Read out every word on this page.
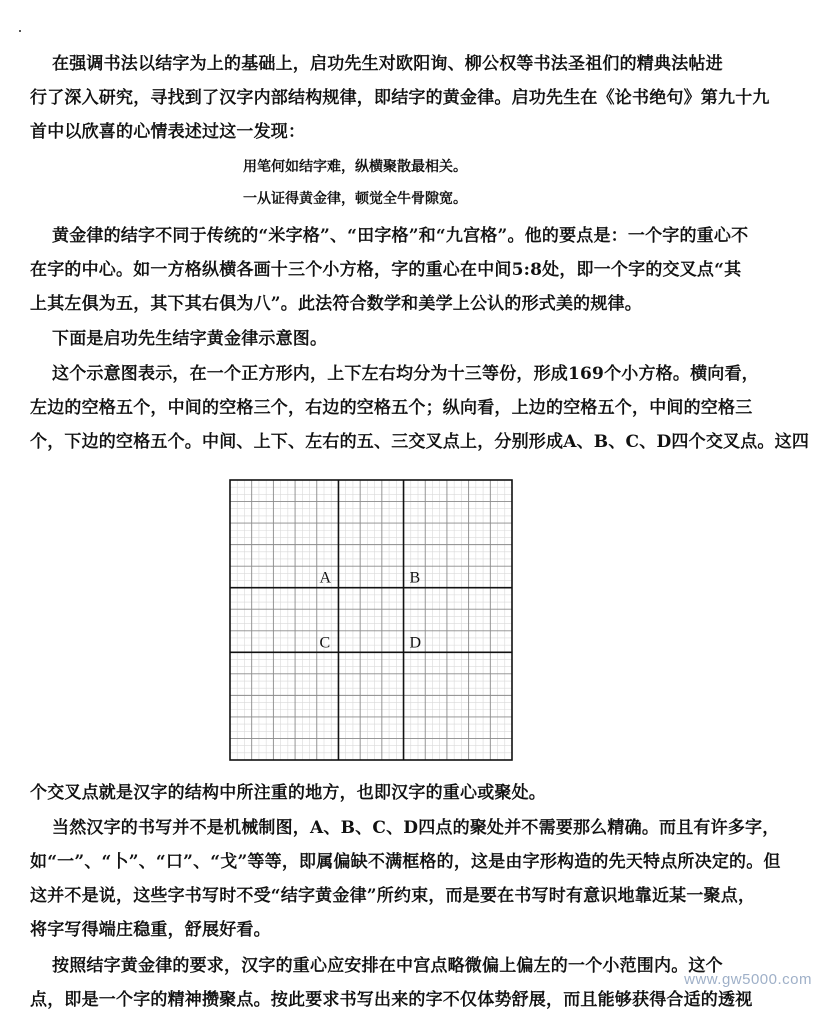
在强调书法以结字为上的基础上，启功先生对欧阳询、柳公权等书法圣祖们的精典法帖进
行了深入研究，寻找到了汉字内部结构规律，即结字的黄金律。启功先生在《论书绝句》第九十九
首中以欣喜的心情表述过这一发现：
用笔何如结字难，纵横聚散最相关。
一从证得黄金律，顿觉全牛骨隙宽。
黄金律的结字不同于传统的“米字格”、“田字格”和“九宫格”。他的要点是：一个字的重心不
在字的中心。如一方格纵横各画十三个小方格，字的重心在中间5:8处，即一个字的交叉点“其
上其左俱为五，其下其右俱为八”。此法符合数学和美学上公认的形式美的规律。
下面是启功先生结字黄金律示意图。
这个示意图表示，在一个正方形内，上下左右均分为十三等份，形成169个小方格。横向看，
左边的空格五个，中间的空格三个，右边的空格五个；纵向看，上边的空格五个，中间的空格三
个，下边的空格五个。中间、上下、左右的五、三交叉点上，分别形成A、B、C、D四个交叉点。这四
A	B
C	D
个交叉点就是汉字的结构中所注重的地方，也即汉字的重心或聚处。
当然汉字的书写并不是机械制图，A、B、C、D四点的聚处并不需要那么精确。而且有许多字，
如“一”、“卜”、“口”、“戈”等等，即属偏缺不满框格的，这是由字形构造的先天特点所决定的。但
这并不是说，这些字书写时不受“结字黄金律”所约束，而是要在书写时有意识地靠近某一聚点，
将字写得端庄稳重，舒展好看。
按照结字黄金律的要求，汉字的重心应安排在中宫点略微偏上偏左的一个小范围内。这个
点，即是一个字的精神攒聚点。按此要求书写出来的字不仅体势舒展，而且能够获得合适的透视
www.gw5000.com
